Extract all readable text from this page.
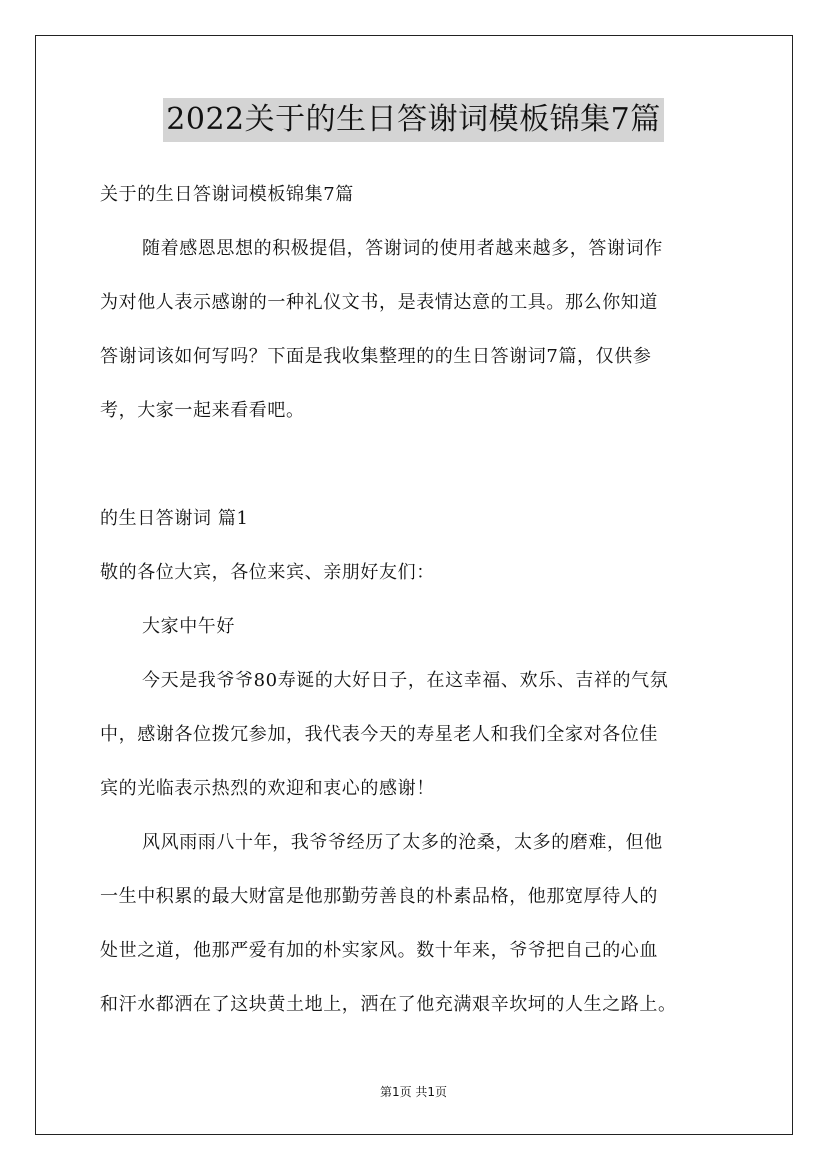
2022关于的生日答谢词模板锦集7篇
关于的生日答谢词模板锦集7篇
随着感恩思想的积极提倡，答谢词的使用者越来越多，答谢词作
为对他人表示感谢的一种礼仪文书，是表情达意的工具。那么你知道
答谢词该如何写吗？下面是我收集整理的的生日答谢词7篇，仅供参
考，大家一起来看看吧。
的生日答谢词 篇1
敬的各位大宾，各位来宾、亲朋好友们：
大家中午好
今天是我爷爷80寿诞的大好日子，在这幸福、欢乐、吉祥的气氛
中，感谢各位拨冗参加，我代表今天的寿星老人和我们全家对各位佳
宾的光临表示热烈的欢迎和衷心的感谢！
风风雨雨八十年，我爷爷经历了太多的沧桑，太多的磨难，但他
一生中积累的最大财富是他那勤劳善良的朴素品格，他那宽厚待人的
处世之道，他那严爱有加的朴实家风。数十年来，爷爷把自己的心血
和汗水都洒在了这块黄土地上，洒在了他充满艰辛坎坷的人生之路上。
第1页 共1页
